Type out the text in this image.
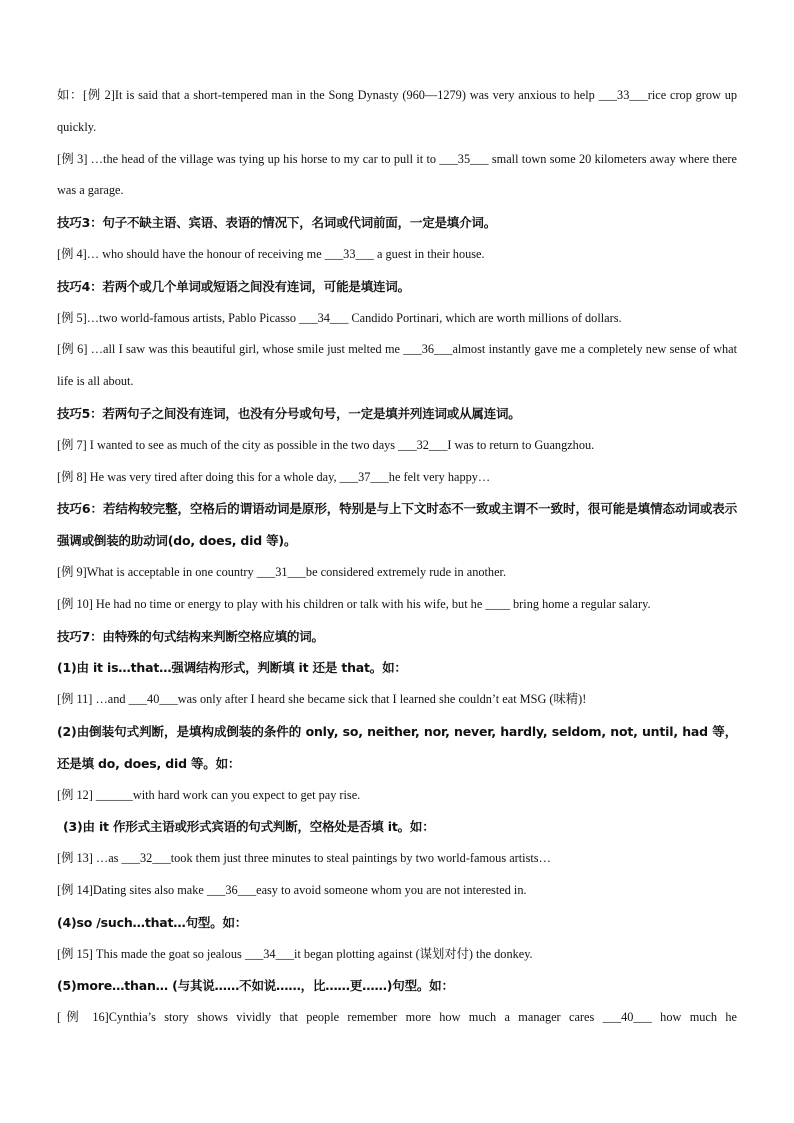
如：[例 2]It is said that a short-tempered man in the Song Dynasty (960—1279) was very anxious to help ___33___rice crop grow up quickly.

[例 3] …the head of the village was tying up his horse to my car to pull it to ___35___ small town some 20 kilometers away where there was a garage.

技巧3：句子不缺主语、宾语、表语的情况下，名词或代词前面，一定是填介词。

[例 4]… who should have the honour of receiving me ___33___ a guest in their house.

技巧4：若两个或几个单词或短语之间没有连词，可能是填连词。

[例 5]…two world-famous artists, Pablo Picasso ___34___ Candido Portinari, which are worth millions of dollars.

[例 6] …all I saw was this beautiful girl, whose smile just melted me ___36___almost instantly gave me a completely new sense of what life is all about.

技巧5：若两句子之间没有连词，也没有分号或句号，一定是填并列连词或从属连词。

[例 7] I wanted to see as much of the city as possible in the two days ___32___I was to return to Guangzhou.

[例 8] He was very tired after doing this for a whole day, ___37___he felt very happy…

技巧6：若结构较完整，空格后的谓语动词是原形，特别是与上下文时态不一致或主谓不一致时，很可能是填情态动词或表示强调或倒装的助动词(do, does, did 等)。

[例 9]What is acceptable in one country ___31___be considered extremely rude in another.

[例 10] He had no time or energy to play with his children or talk with his wife, but he ____ bring home a regular salary.

技巧7：由特殊的句式结构来判断空格应填的词。

(1)由 it is…that…强调结构形式，判断填 it 还是 that。如：

[例 11] …and ___40___was only after I heard she became sick that I learned she couldn’t eat MSG (味精)!

(2)由倒装句式判断，是填构成倒装的条件的 only, so, neither, nor, never, hardly, seldom, not, until, had 等，还是填 do, does, did 等。如：

[例 12] ______with hard work can you expect to get pay rise.

(3)由 it 作形式主语或形式宾语的句式判断，空格处是否填 it。如：

[例 13] …as ___32___took them just three minutes to steal paintings by two world-famous artists…

[例 14]Dating sites also make ___36___easy to avoid someone whom you are not interested in.

(4)so /such…that…句型。如：

[例 15] This made the goat so jealous ___34___it began plotting against (谋划对付) the donkey.

(5)more…than… (与其说……不如说……，比……更……)句型。如：

[例 16]Cynthia’s story shows vividly that people remember more how much a manager cares ___40___ how much he
